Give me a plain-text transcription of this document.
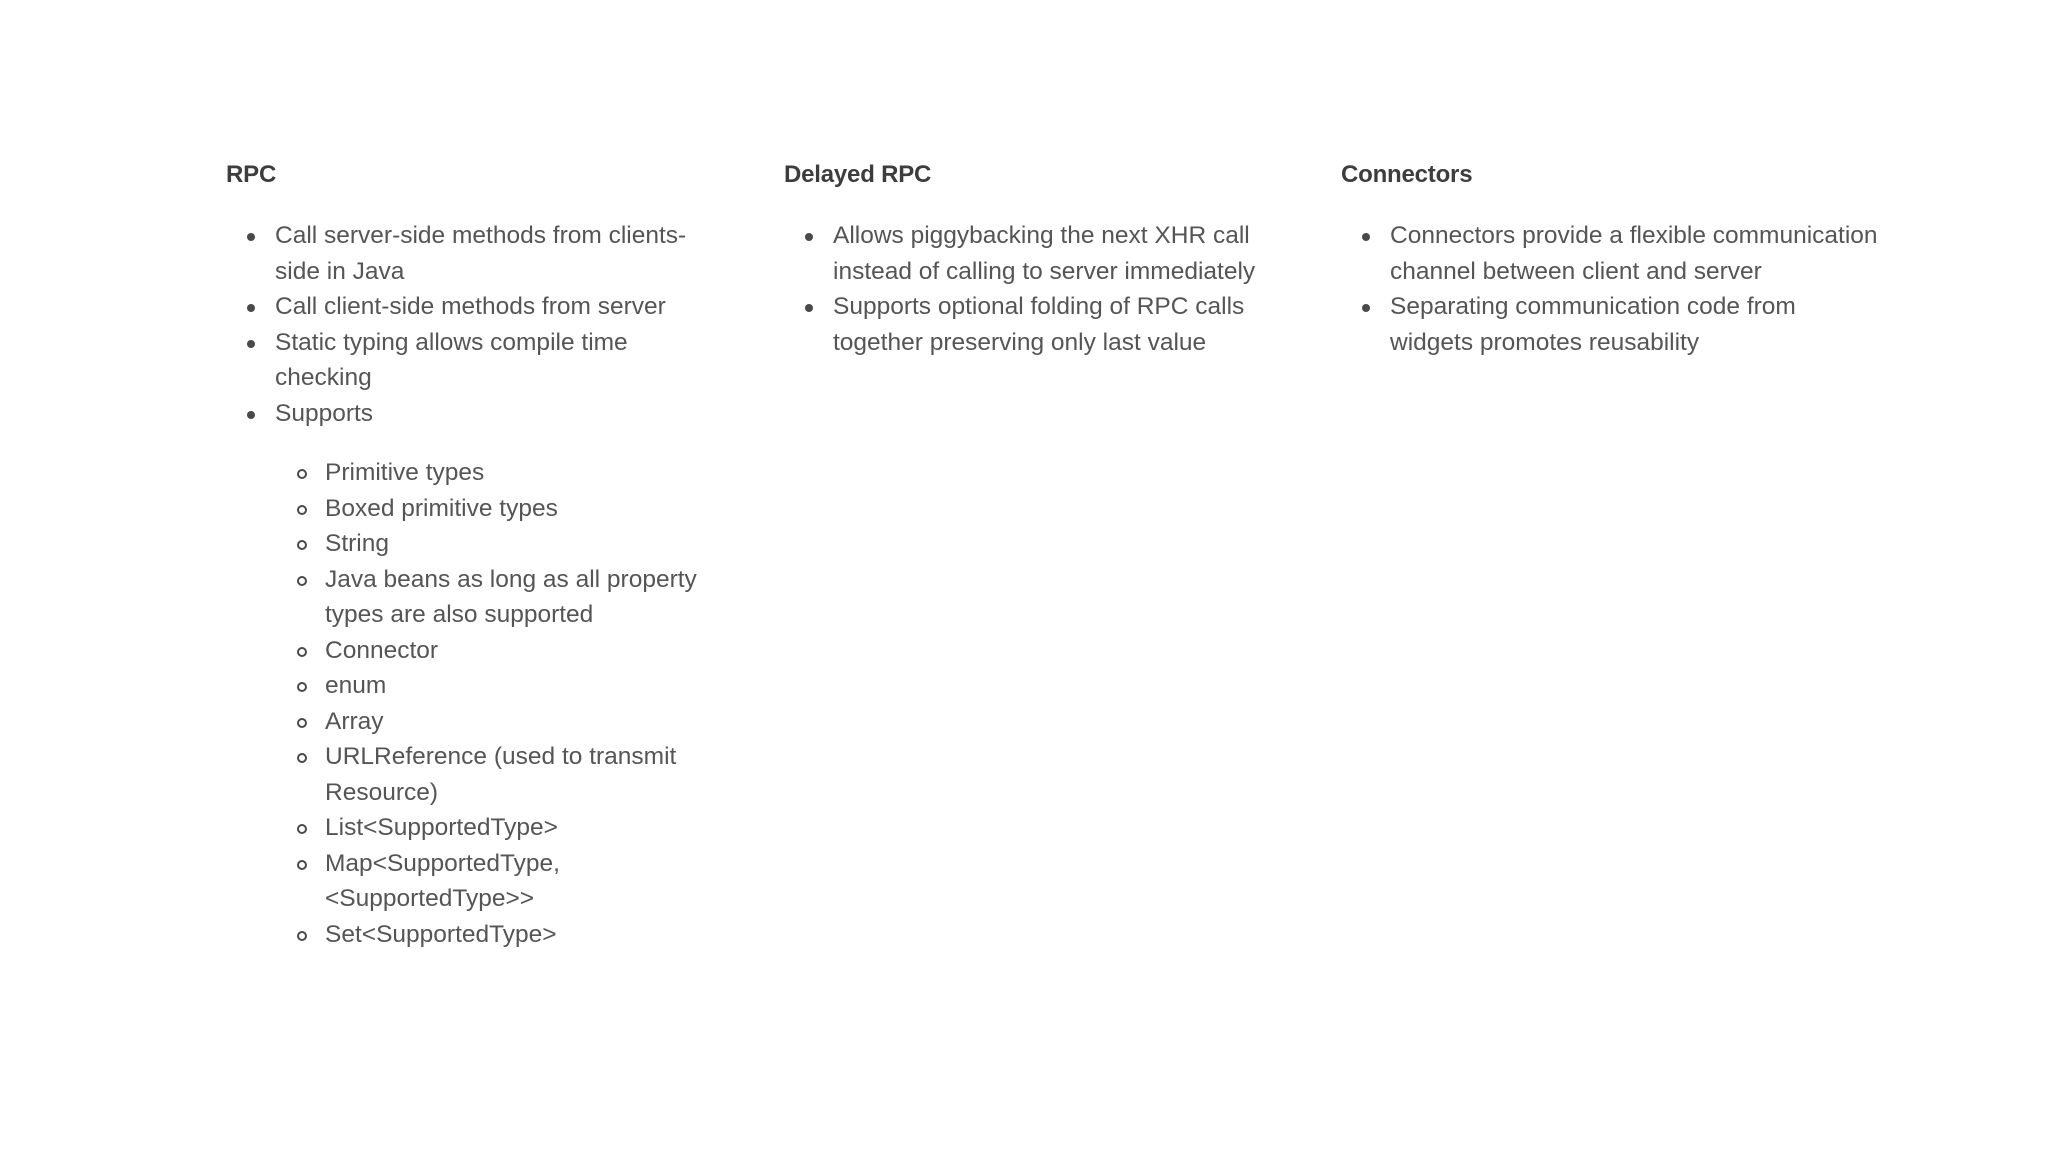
RPC
Call server-side methods from clients-side in Java
Call client-side methods from server
Static typing allows compile time checking
Supports
Primitive types
Boxed primitive types
String
Java beans as long as all property types are also supported
Connector
enum
Array
URLReference (used to transmit Resource)
List<SupportedType>
Map<SupportedType, <SupportedType>>
Set<SupportedType>
Delayed RPC
Allows piggybacking the next XHR call instead of calling to server immediately
Supports optional folding of RPC calls together preserving only last value
Connectors
Connectors provide a flexible communication channel between client and server
Separating communication code from widgets promotes reusability
